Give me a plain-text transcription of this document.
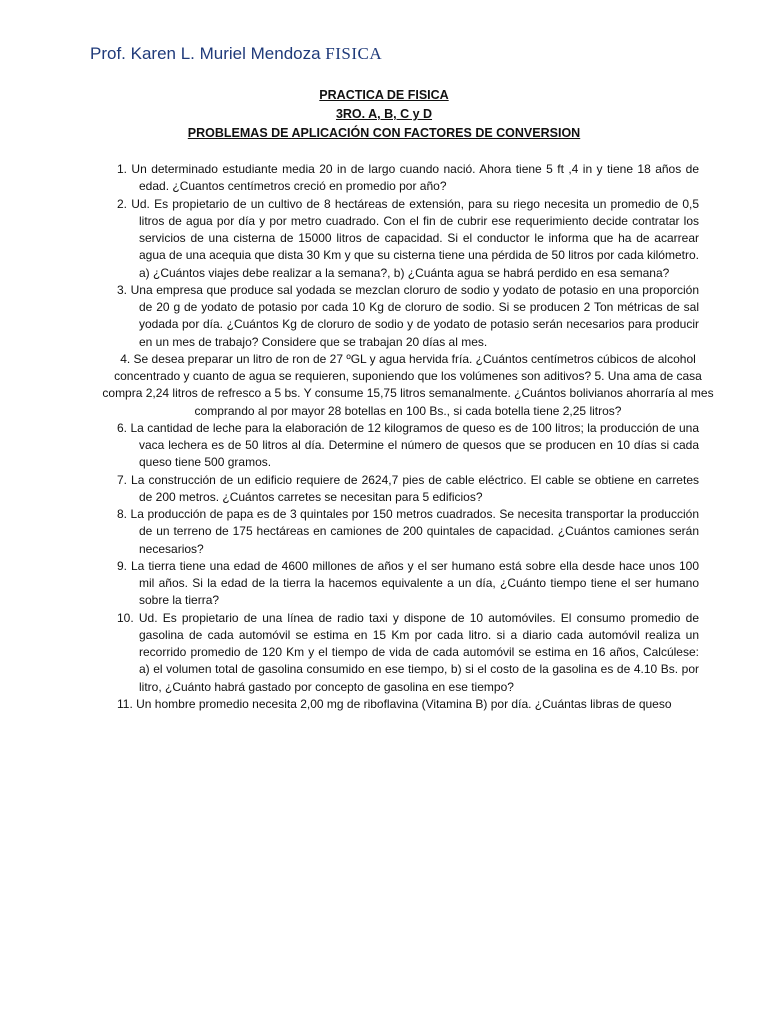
Prof. Karen L. Muriel Mendoza FISICA
PRACTICA DE FISICA
3RO. A, B, C y D
PROBLEMAS DE APLICACIÓN CON FACTORES DE CONVERSION

1. Un determinado estudiante media 20 in de largo cuando nació. Ahora tiene 5 ft ,4 in y tiene 18 años de edad. ¿Cuantos centímetros creció en promedio por año?

2. Ud. Es propietario de un cultivo de 8 hectáreas de extensión, para su riego necesita un promedio de 0,5 litros de agua por día y por metro cuadrado. Con el fin de cubrir ese requerimiento decide contratar los servicios de una cisterna de 15000 litros de capacidad. Si el conductor le informa que ha de acarrear agua de una acequia que dista 30 Km y que su cisterna tiene una pérdida de 50 litros por cada kilómetro. a) ¿Cuántos viajes debe realizar a la semana?, b) ¿Cuánta agua se habrá perdido en esa semana?

3. Una empresa que produce sal yodada se mezclan cloruro de sodio y yodato de potasio en una proporción de 20 g de yodato de potasio por cada 10 Kg de cloruro de sodio. Si se producen 2 Ton métricas de sal yodada por día. ¿Cuántos Kg de cloruro de sodio y de yodato de potasio serán necesarios para producir en un mes de trabajo? Considere que se trabajan 20 días al mes.

4. Se desea preparar un litro de ron de 27 ºGL y agua hervida fría. ¿Cuántos centímetros cúbicos de alcohol concentrado y cuanto de agua se requieren, suponiendo que los volúmenes son aditivos? 5. Una ama de casa compra 2,24 litros de refresco a 5 bs. Y consume 15,75 litros semanalmente. ¿Cuántos bolivianos ahorraría al mes comprando al por mayor 28 botellas en 100 Bs., si cada botella tiene 2,25 litros?

6. La cantidad de leche para la elaboración de 12 kilogramos de queso es de 100 litros; la producción de una vaca lechera es de 50 litros al día. Determine el número de quesos que se producen en 10 días si cada queso tiene 500 gramos.

7. La construcción de un edificio requiere de 2624,7 pies de cable eléctrico. El cable se obtiene en carretes de 200 metros. ¿Cuántos carretes se necesitan para 5 edificios?

8. La producción de papa es de 3 quintales por 150 metros cuadrados. Se necesita transportar la producción de un terreno de 175 hectáreas en camiones de 200 quintales de capacidad. ¿Cuántos camiones serán necesarios?

9. La tierra tiene una edad de 4600 millones de años y el ser humano está sobre ella desde hace unos 100 mil años. Si la edad de la tierra la hacemos equivalente a un día, ¿Cuánto tiempo tiene el ser humano sobre la tierra?

10. Ud. Es propietario de una línea de radio taxi y dispone de 10 automóviles. El consumo promedio de gasolina de cada automóvil se estima en 15 Km por cada litro. si a diario cada automóvil realiza un recorrido promedio de 120 Km y el tiempo de vida de cada automóvil se estima en 16 años, Calcúlese: a) el volumen total de gasolina consumido en ese tiempo, b) si el costo de la gasolina es de 4.10 Bs. por litro, ¿Cuánto habrá gastado por concepto de gasolina en ese tiempo?

11. Un hombre promedio necesita 2,00 mg de riboflavina (Vitamina B) por día. ¿Cuántas libras de queso
